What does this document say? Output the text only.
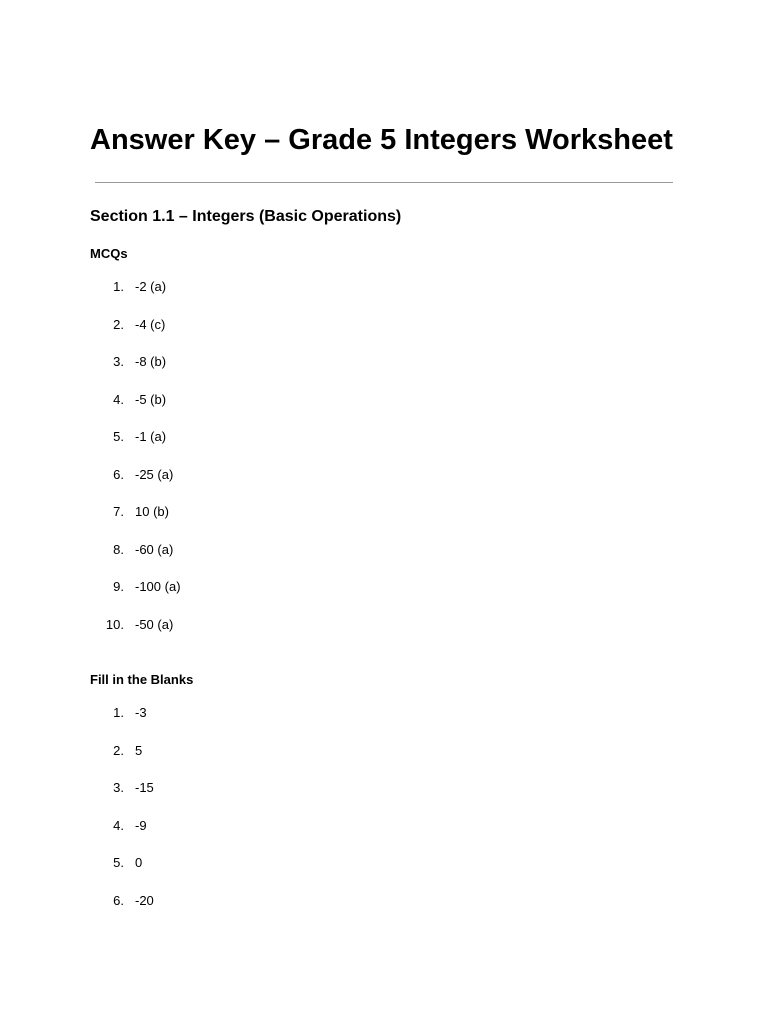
Answer Key – Grade 5 Integers Worksheet
Section 1.1 – Integers (Basic Operations)
MCQs
1. -2 (a)
2. -4 (c)
3. -8 (b)
4. -5 (b)
5. -1 (a)
6. -25 (a)
7. 10 (b)
8. -60 (a)
9. -100 (a)
10. -50 (a)
Fill in the Blanks
1. -3
2. 5
3. -15
4. -9
5. 0
6. -20
